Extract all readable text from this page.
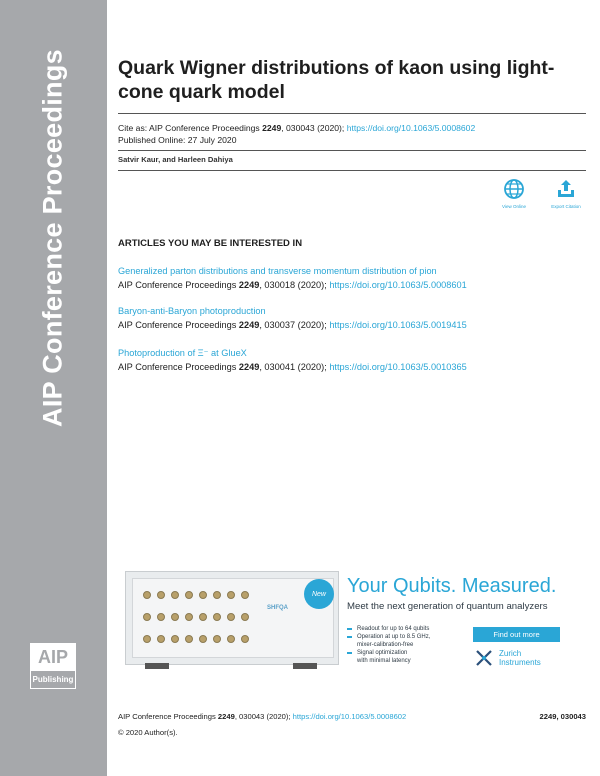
AIP Conference Proceedings
AIP
Publishing
Quark Wigner distributions of kaon using light-cone quark model
Cite as: AIP Conference Proceedings 2249, 030043 (2020); https://doi.org/10.1063/5.0008602
Published Online: 27 July 2020
Satvir Kaur, and Harleen Dahiya
View Online	Export Citation
ARTICLES YOU MAY BE INTERESTED IN
Generalized parton distributions and transverse momentum distribution of pion
AIP Conference Proceedings 2249, 030018 (2020); https://doi.org/10.1063/5.0008601
Baryon-anti-Baryon photoproduction
AIP Conference Proceedings 2249, 030037 (2020); https://doi.org/10.1063/5.0019415
Photoproduction of Ξ⁻ at GlueX
AIP Conference Proceedings 2249, 030041 (2020); https://doi.org/10.1063/5.0010365
SHFQA
New	Your Qubits. Measured.
Meet the next generation of quantum analyzers
Readout for up to 64 qubits
Operation at up to 8.5 GHz,
mixer-calibration-free
Signal optimization
with minimal latency
Find out more
Zurich
Instruments
AIP Conference Proceedings 2249, 030043 (2020); https://doi.org/10.1063/5.0008602	2249, 030043
© 2020 Author(s).
